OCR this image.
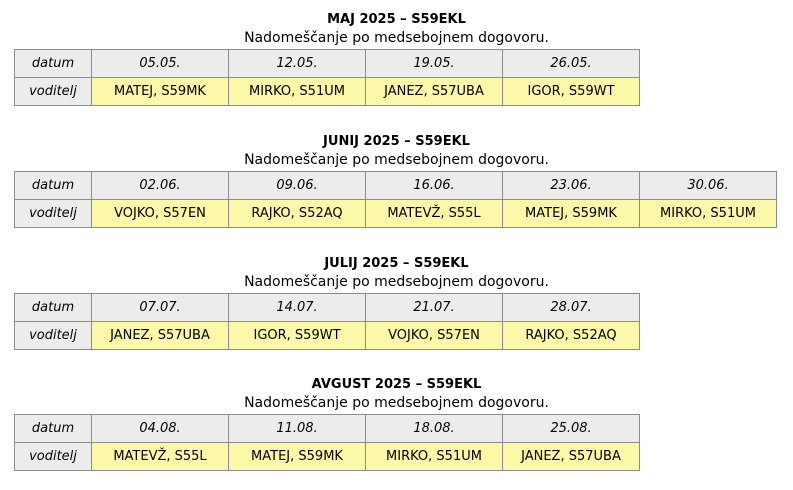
MAJ 2025 – S59EKL
Nadomeščanje po medsebojnem dogovoru.
datum	05.05.	12.05.	19.05.	26.05.
voditelj	MATEJ, S59MK	MIRKO, S51UM	JANEZ, S57UBA	IGOR, S59WT
JUNIJ 2025 – S59EKL
Nadomeščanje po medsebojnem dogovoru.
datum	02.06.	09.06.	16.06.	23.06.	30.06.
voditelj	VOJKO, S57EN	RAJKO, S52AQ	MATEVŽ, S55L	MATEJ, S59MK	MIRKO, S51UM
JULIJ 2025 – S59EKL
Nadomeščanje po medsebojnem dogovoru.
datum	07.07.	14.07.	21.07.	28.07.
voditelj	JANEZ, S57UBA	IGOR, S59WT	VOJKO, S57EN	RAJKO, S52AQ
AVGUST 2025 – S59EKL
Nadomeščanje po medsebojnem dogovoru.
datum	04.08.	11.08.	18.08.	25.08.
voditelj	MATEVŽ, S55L	MATEJ, S59MK	MIRKO, S51UM	JANEZ, S57UBA
